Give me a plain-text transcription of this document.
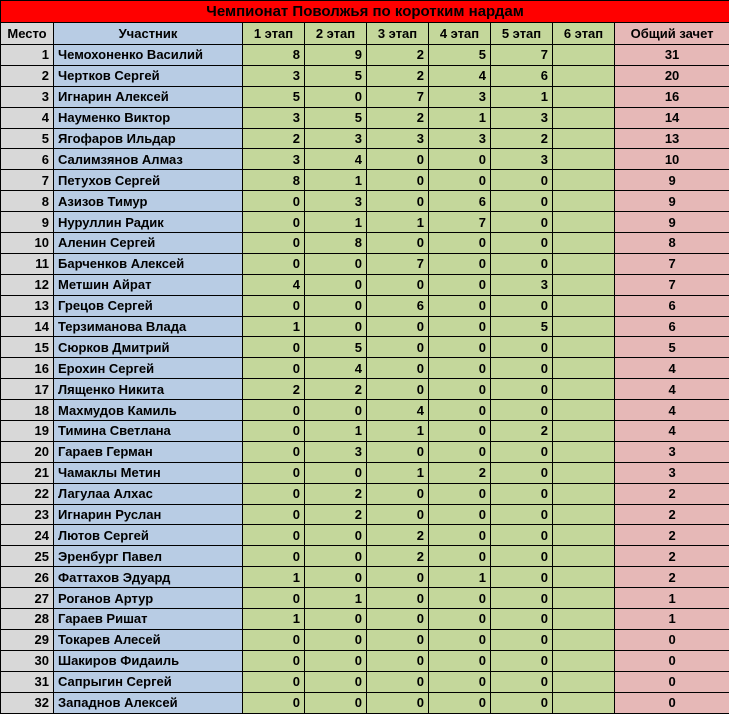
Чемпионат Поволжья по коротким нардам								
Место	Участник	1 этап	2 этап	3 этап	4 этап	5 этап	6 этап	Общий зачет
1	Чемохоненко Василий	8	9	2	5	7		31
2	Чертков Сергей	3	5	2	4	6		20
3	Игнарин Алексей	5	0	7	3	1		16
4	Науменко Виктор	3	5	2	1	3		14
5	Ягофаров Ильдар	2	3	3	3	2		13
6	Салимзянов Алмаз	3	4	0	0	3		10
7	Петухов Сергей	8	1	0	0	0		9
8	Азизов Тимур	0	3	0	6	0		9
9	Нуруллин Радик	0	1	1	7	0		9
10	Аленин Сергей	0	8	0	0	0		8
11	Барченков Алексей	0	0	7	0	0		7
12	Метшин Айрат	4	0	0	0	3		7
13	Грецов Сергей	0	0	6	0	0		6
14	Терзиманова Влада	1	0	0	0	5		6
15	Сюрков Дмитрий	0	5	0	0	0		5
16	Ерохин Сергей	0	4	0	0	0		4
17	Лященко Никита	2	2	0	0	0		4
18	Махмудов Камиль	0	0	4	0	0		4
19	Тимина Светлана	0	1	1	0	2		4
20	Гараев Герман	0	3	0	0	0		3
21	Чамаклы Метин	0	0	1	2	0		3
22	Лагулаа Алхас	0	2	0	0	0		2
23	Игнарин Руслан	0	2	0	0	0		2
24	Лютов Сергей	0	0	2	0	0		2
25	Эренбург Павел	0	0	2	0	0		2
26	Фаттахов Эдуард	1	0	0	1	0		2
27	Роганов Артур	0	1	0	0	0		1
28	Гараев Ришат	1	0	0	0	0		1
29	Токарев Алесей	0	0	0	0	0		0
30	Шакиров Фидаиль	0	0	0	0	0		0
31	Сапрыгин Сергей	0	0	0	0	0		0
32	Западнов Алексей	0	0	0	0	0		0
